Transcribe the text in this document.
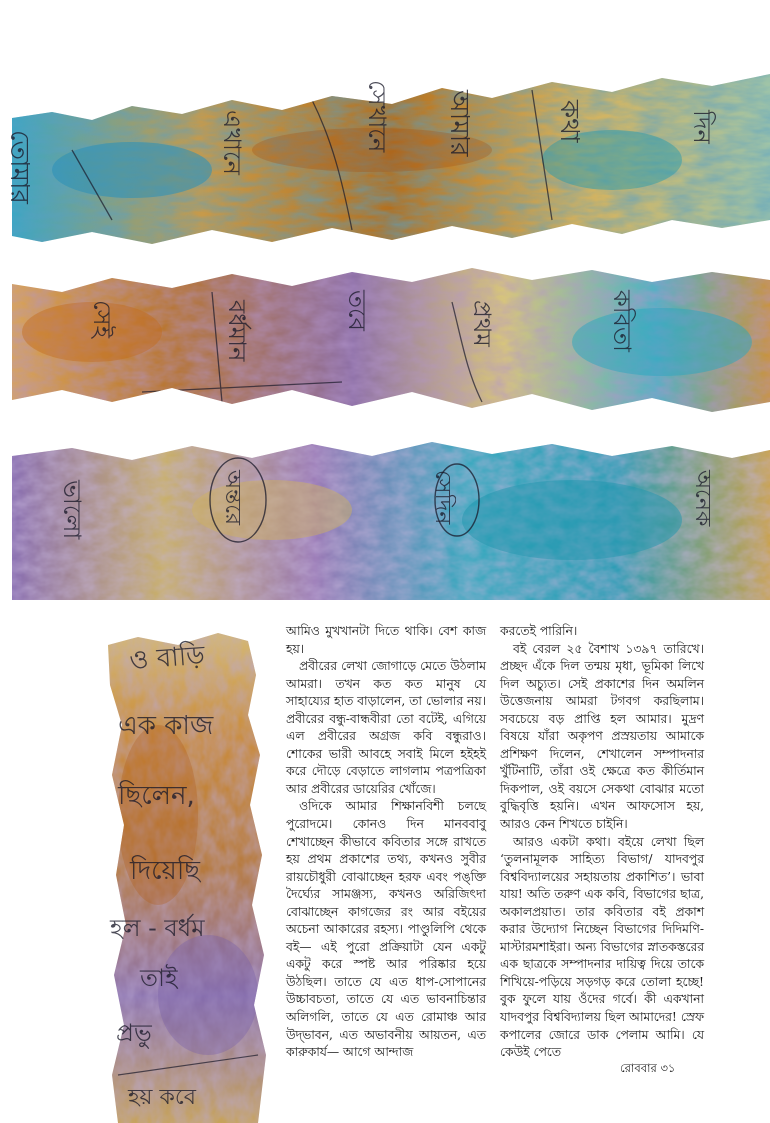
তোমার	এখানে	সেখানে	আমার	কথা	দিন
বর্ধমান
সেই	তবে	প্রথম	কবিতা
অন্তরে
ভালো	সেদিন	অনেক
ও বাড়ি
এক কাজ
ছিলেন,
দিয়েছি
হল - বর্ধম
তাই
প্রভু
হয় কবে

আমিও মুখখানটা দিতে থাকি। বেশ কাজ হয়।

প্রবীরের লেখা জোগাড়ে মেতে উঠলাম আমরা। তখন কত কত মানুষ যে সাহায্যের হাত বাড়ালেন, তা ভোলার নয়। প্রবীরের বন্ধু-বান্ধবীরা তো বটেই, এগিয়ে এল প্রবীরের অগ্রজ কবি বন্ধুরাও। শোকের ভারী আবহে সবাই মিলে হইহই করে দৌড়ে বেড়াতে লাগলাম পত্রপত্রিকা আর প্রবীরের ডায়েরির খোঁজে।

ওদিকে আমার শিক্ষানবিশী চলছে পুরোদমে। কোনও দিন মানববাবু শেখাচ্ছেন কীভাবে কবিতার সঙ্গে রাখতে হয় প্রথম প্রকাশের তথ্য, কখনও সুবীর রায়চৌধুরী বোঝাচ্ছেন হরফ এবং পঙ্‌ক্তি দৈর্ঘ্যের সামঞ্জস্য, কখনও অরিজিৎদা বোঝাচ্ছেন কাগজের রং আর বইয়ের অচেনা আকারের রহস্য। পাণ্ডুলিপি থেকে বই— এই পুরো প্রক্রিয়াটা যেন একটু একটু করে স্পষ্ট আর পরিষ্কার হয়ে উঠছিল। তাতে যে এত ধাপ-সোপানের উচ্চাবচতা, তাতে যে এত ভাবনাচিন্তার অলিগলি, তাতে যে এত রোমাঞ্চ আর উদ্‌ভাবন, এত অভাবনীয় আয়তন, এত কারুকার্য— আগে আন্দাজ

করতেই পারিনি।

বই বেরল ২৫ বৈশাখ ১৩৯৭ তারিখে। প্রচ্ছদ এঁকে দিল তন্ময় মৃধা, ভূমিকা লিখে দিল অচ্যুত। সেই প্রকাশের দিন অমলিন উত্তেজনায় আমরা টগবগ করছিলাম। সবচেয়ে বড় প্রাপ্তি হল আমার। মুদ্রণ বিষয়ে যাঁরা অকৃপণ প্রস্রয়তায় আমাকে প্রশিক্ষণ দিলেন, শেখালেন সম্পাদনার খুঁটিনাটি, তাঁরা ওই ক্ষেত্রে কত কীর্তিমান দিকপাল, ওই বয়সে সেকথা বোঝার মতো বুদ্ধিবৃত্তি হয়নি। এখন আফসোস হয়, আরও কেন শিখতে চাইনি।

আরও একটা কথা। বইয়ে লেখা ছিল ‘তুলনামূলক সাহিত্য বিভাগ/ যাদবপুর বিশ্ববিদ্যালয়ের সহায়তায় প্রকাশিত’। ভাবা যায়! অতি তরুণ এক কবি, বিভাগের ছাত্র, অকালপ্রয়াত। তার কবিতার বই প্রকাশ করার উদ্যোগ নিচ্ছেন বিভাগের দিদিমণি-মাস্টারমশাইরা। অন্য বিভাগের স্নাতকস্তরের এক ছাত্রকে সম্পাদনার দায়িত্ব দিয়ে তাকে শিখিয়ে-পড়িয়ে সড়গড় করে তোলা হচ্ছে! বুক ফুলে যায় ওঁদের গর্বে। কী একখানা যাদবপুর বিশ্ববিদ্যালয় ছিল আমাদের! স্রেফ কপালের জোরে ডাক পেলাম আমি। যে কেউই পেতে

রোববার ৩১
